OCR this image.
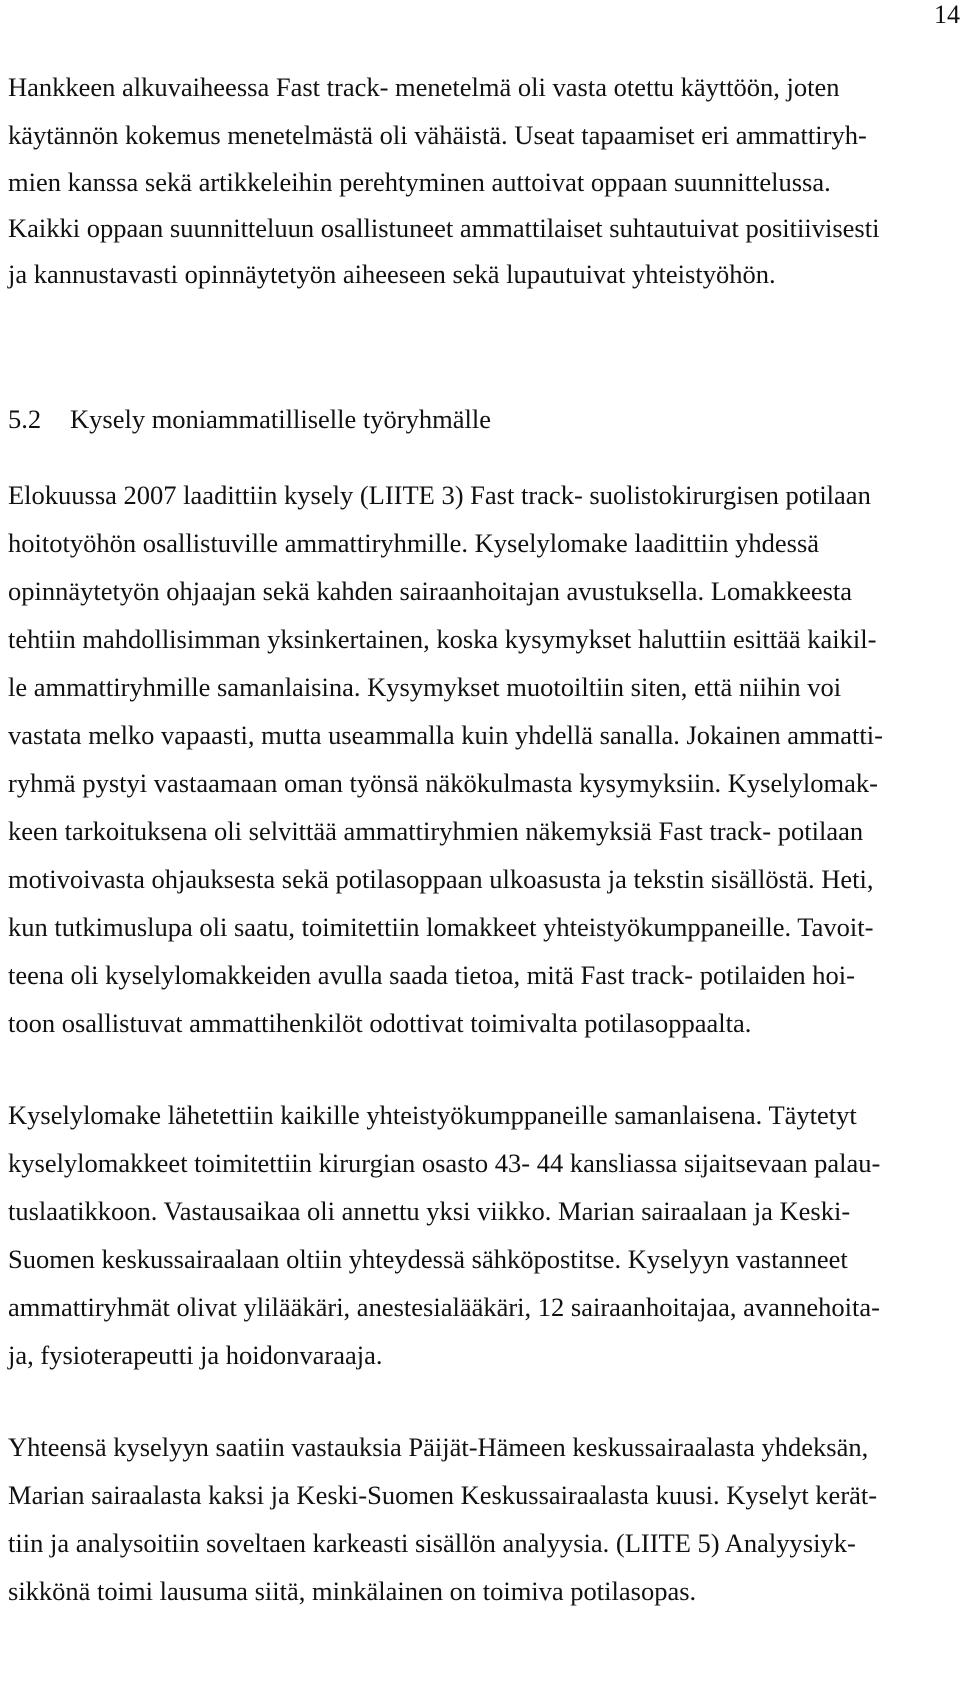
14
Hankkeen alkuvaiheessa Fast track- menetelmä oli vasta otettu käyttöön, joten
käytännön kokemus menetelmästä oli vähäistä. Useat tapaamiset eri ammattiryh-
mien kanssa sekä artikkeleihin perehtyminen auttoivat oppaan suunnittelussa.
Kaikki oppaan suunnitteluun osallistuneet ammattilaiset suhtautuivat positiivisesti
ja kannustavasti opinnäytetyön aiheeseen sekä lupautuivat yhteistyöhön.
5.2 Kysely moniammatilliselle työryhmälle
Elokuussa 2007 laadittiin kysely (LIITE 3) Fast track- suolistokirurgisen potilaan
hoitotyöhön osallistuville ammattiryhmille. Kyselylomake laadittiin yhdessä
opinnäytetyön ohjaajan sekä kahden sairaanhoitajan avustuksella. Lomakkeesta
tehtiin mahdollisimman yksinkertainen, koska kysymykset haluttiin esittää kaikil-
le ammattiryhmille samanlaisina. Kysymykset muotoiltiin siten, että niihin voi
vastata melko vapaasti, mutta useammalla kuin yhdellä sanalla. Jokainen ammatti-
ryhmä pystyi vastaamaan oman työnsä näkökulmasta kysymyksiin. Kyselylomak-
keen tarkoituksena oli selvittää ammattiryhmien näkemyksiä Fast track- potilaan
motivoivasta ohjauksesta sekä potilasoppaan ulkoasusta ja tekstin sisällöstä. Heti,
kun tutkimuslupa oli saatu, toimitettiin lomakkeet yhteistyökumppaneille. Tavoit-
teena oli kyselylomakkeiden avulla saada tietoa, mitä Fast track- potilaiden hoi-
toon osallistuvat ammattihenkilöt odottivat toimivalta potilasoppaalta.
Kyselylomake lähetettiin kaikille yhteistyökumppaneille samanlaisena. Täytetyt
kyselylomakkeet toimitettiin kirurgian osasto 43- 44 kansliassa sijaitsevaan palau-
tuslaatikkoon. Vastausaikaa oli annettu yksi viikko. Marian sairaalaan ja Keski-
Suomen keskussairaalaan oltiin yhteydessä sähköpostitse. Kyselyyn vastanneet
ammattiryhmät olivat ylilääkäri, anestesialääkäri, 12 sairaanhoitajaa, avannehoita-
ja, fysioterapeutti ja hoidonvaraaja.
Yhteensä kyselyyn saatiin vastauksia Päijät-Hämeen keskussairaalasta yhdeksän,
Marian sairaalasta kaksi ja Keski-Suomen Keskussairaalasta kuusi. Kyselyt kerät-
tiin ja analysoitiin soveltaen karkeasti sisällön analyysia. (LIITE 5) Analyysiyk-
sikkönä toimi lausuma siitä, minkälainen on toimiva potilasopas.
